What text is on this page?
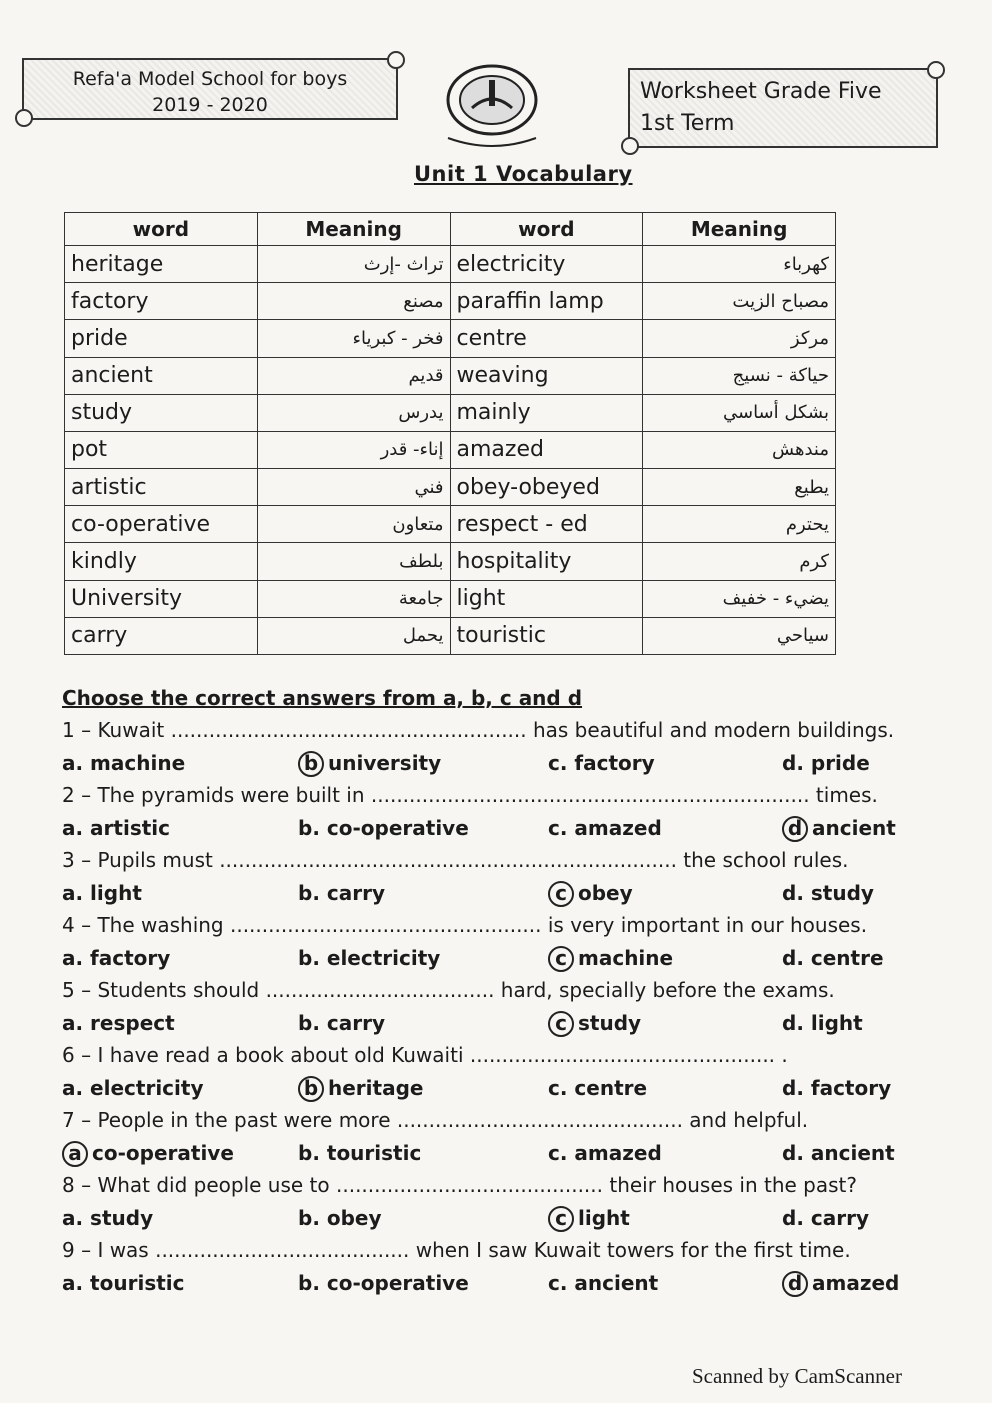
Refa'a Model School for boys
2019 - 2020
Worksheet Grade Five
1st Term
Unit 1 Vocabulary
word	Meaning	word	Meaning
heritage	تراث -إرث	electricity	كهرباء
factory	مصنع	paraffin lamp	مصباح الزيت
pride	فخر - كبرياء	centre	مركز
ancient	قديم	weaving	حياكة - نسيج
study	يدرس	mainly	بشكل أساسي
pot	إناء- قدر	amazed	مندهش
artistic	فني	obey-obeyed	يطيع
co-operative	متعاون	respect - ed	يحترم
kindly	بلطف	hospitality	كرم
University	جامعة	light	يضيء - خفيف
carry	يحمل	touristic	سياحي
Choose the correct answers from a, b, c and d
1 – Kuwait ........................................................ has beautiful and modern buildings.
a. machine	b university	c. factory	d. pride
2 – The pyramids were built in ..................................................................... times.
a. artistic	b. co-operative	c. amazed	d ancient
3 – Pupils must ........................................................................ the school rules.
a. light	b. carry	c obey	d. study
4 – The washing ................................................. is very important in our houses.
a. factory	b. electricity	c machine	d. centre
5 – Students should .................................... hard, specially before the exams.
a. respect	b. carry	c study	d. light
6 – I have read a book about old Kuwaiti ................................................ .
a. electricity	b heritage	c. centre	d. factory
7 – People in the past were more ............................................. and helpful.
a co-operative	b. touristic	c. amazed	d. ancient
8 – What did people use to .......................................... their houses in the past?
a. study	b. obey	c light	d. carry
9 – I was ........................................ when I saw Kuwait towers for the first time.
a. touristic	b. co-operative	c. ancient	d amazed
Scanned by CamScanner
